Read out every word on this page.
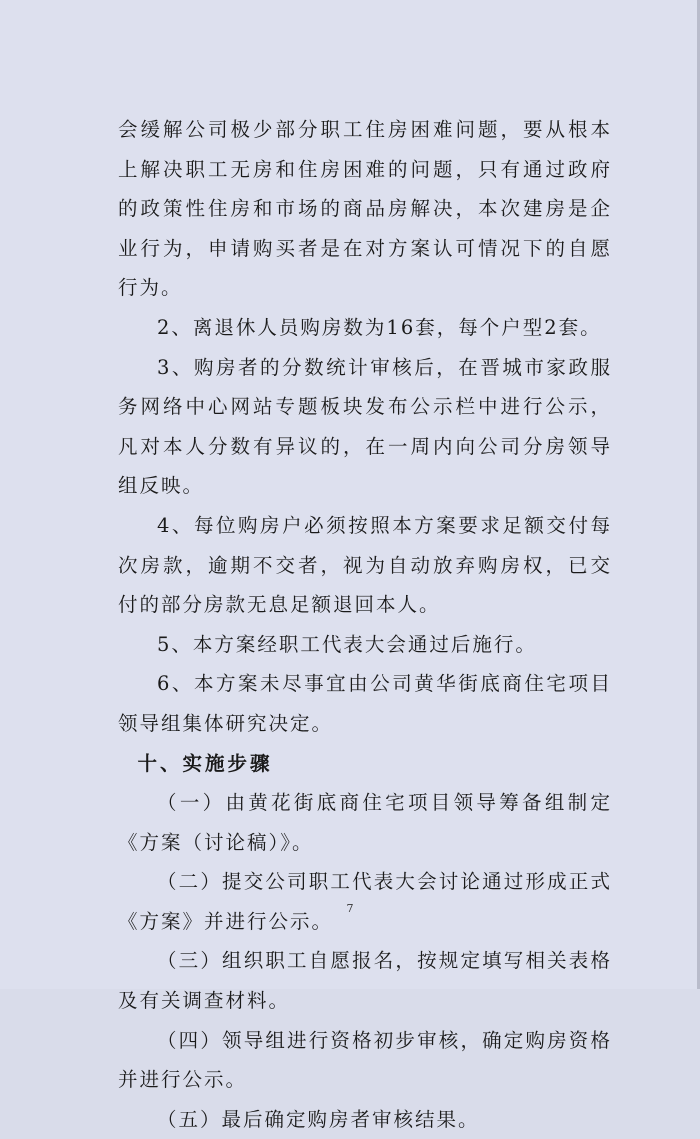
会缓解公司极少部分职工住房困难问题，要从根本上解决职工无房和住房困难的问题，只有通过政府的政策性住房和市场的商品房解决，本次建房是企业行为，申请购买者是在对方案认可情况下的自愿行为。

2、离退休人员购房数为16套，每个户型2套。

3、购房者的分数统计审核后，在晋城市家政服务网络中心网站专题板块发布公示栏中进行公示，凡对本人分数有异议的，在一周内向公司分房领导组反映。

4、每位购房户必须按照本方案要求足额交付每次房款，逾期不交者，视为自动放弃购房权，已交付的部分房款无息足额退回本人。

5、本方案经职工代表大会通过后施行。

6、本方案未尽事宜由公司黄华街底商住宅项目领导组集体研究决定。

十、实施步骤

（一）由黄花街底商住宅项目领导筹备组制定《方案（讨论稿）》。

（二）提交公司职工代表大会讨论通过形成正式《方案》并进行公示。

（三）组织职工自愿报名，按规定填写相关表格及有关调查材料。

（四）领导组进行资格初步审核，确定购房资格并进行公示。

（五）最后确定购房者审核结果。

7
